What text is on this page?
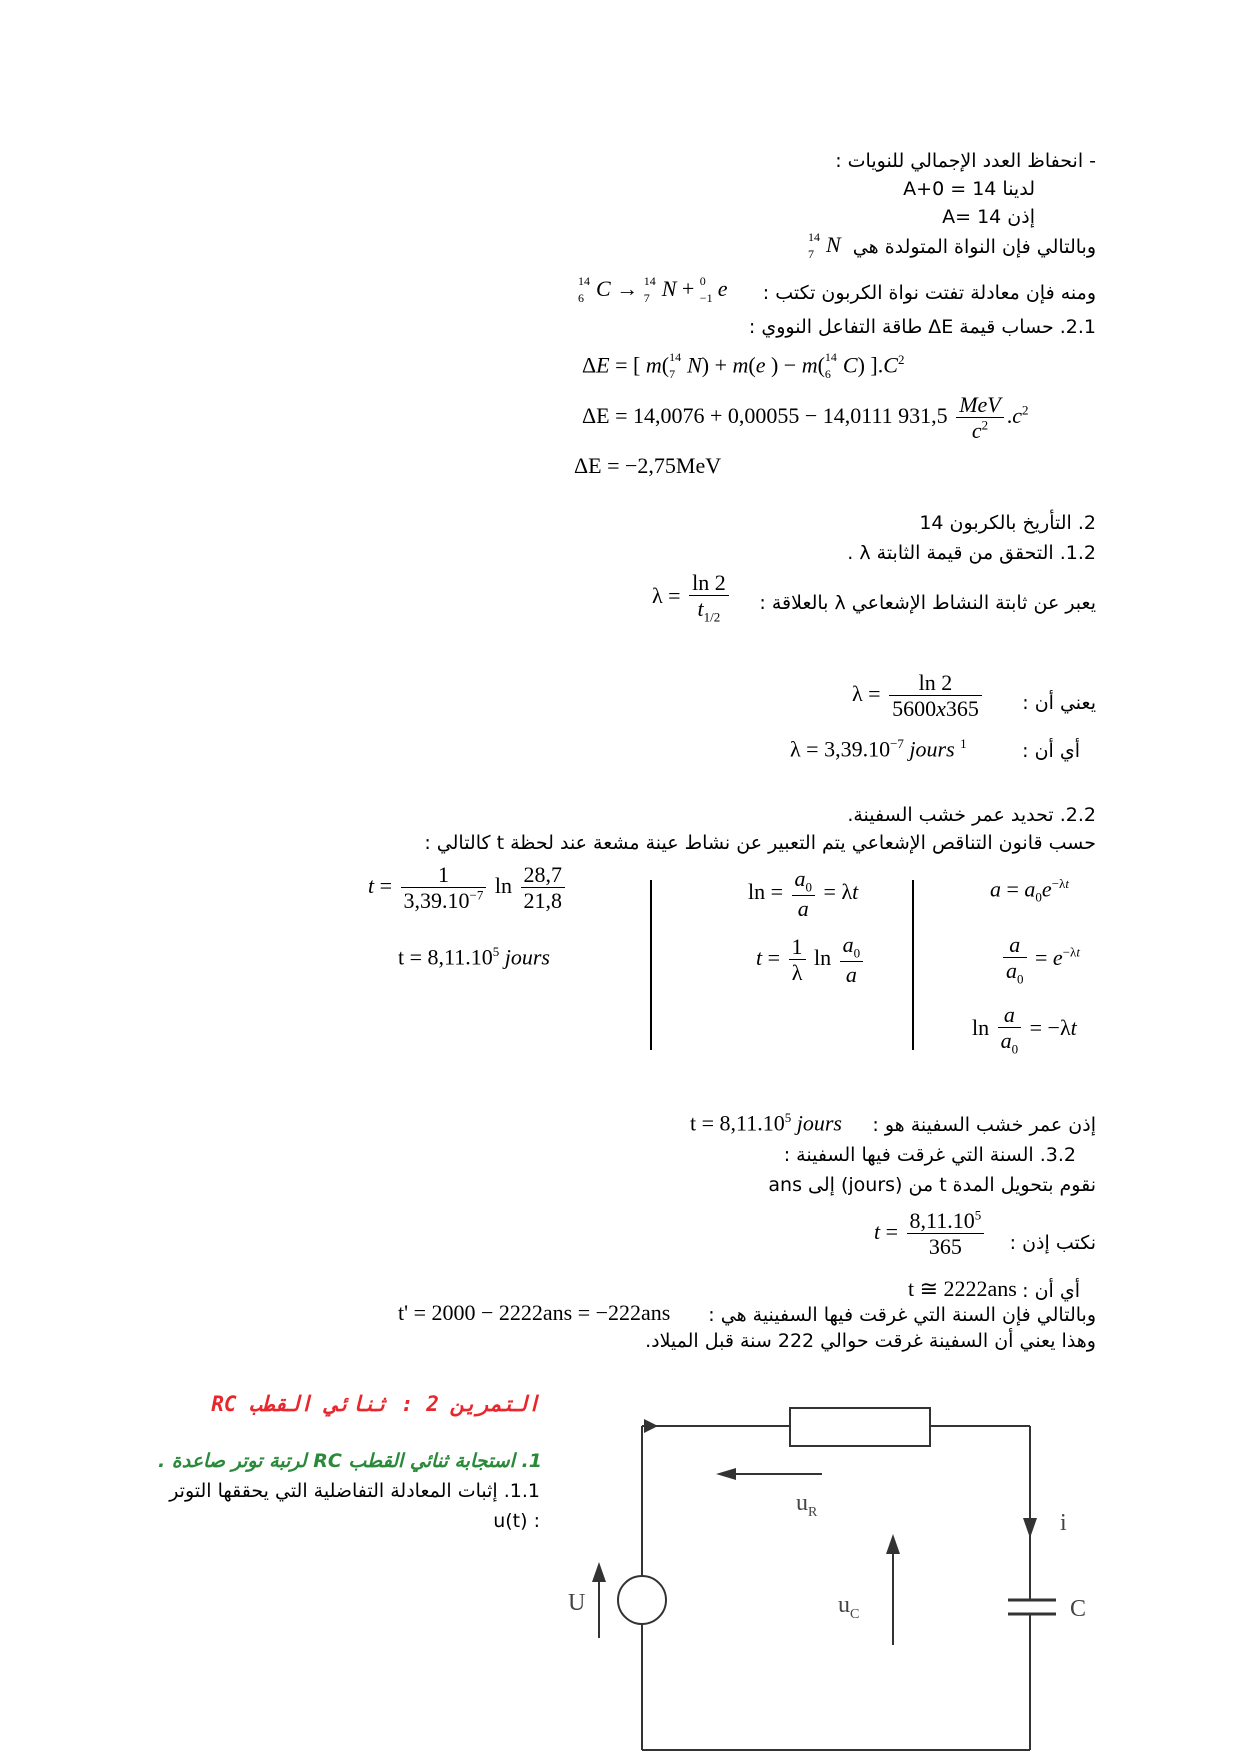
- انحفاظ العدد الإجمالي للنويات :
لدينا 14 = A+0
إذن A= 14
وبالتالي فإن النواة المتولدة هي
14
7 N
ومنه فإن معادلة تفتت نواة الكربون تكتب :
14
6 C → 14
7 N + 0
−1 e
2.1. حساب قيمة ΔE طاقة التفاعل النووي :
ΔE = [ m( 14
7 N) + m(e ) − m( 14
6 C) ]$.C^2$
ΔE = 14,0076 + 0,00055 − 14,0111 $931,5 \frac{\text{MeV}}{c^2} .c^2$
ΔE = −2,75MeV
2. التأريخ بالكربون 14
1.2. التحقق من قيمة الثابتة λ .
يعبر عن ثابتة النشاط الإشعاعي λ بالعلاقة :
$\lambda = \frac{\ln 2}{t_{1/2}}$
يعني أن :
$\lambda = \frac{\ln 2}{5600x365}$
أي أن :
$\lambda = 3,39.10^{-7}$ jours $^1$
2.2. تحديد عمر خشب السفينة.
حسب قانون التناقص الإشعاعي يتم التعبير عن نشاط عينة مشعة عند لحظة t كالتالي :
$t = \frac{1}{3,39.10^{-7}}$ $\ln \frac{28,7}{21,8}$
$t = 8,11.10^5$ jours
$\ln = \frac{a_0}{a} = \lambda t$
$t = \frac{1}{\lambda}$ $\ln \frac{a_0}{a}$
$a = a_0e^{-\lambda t}$
$\frac{a}{a_0} = e^{-\lambda t}$
$\ln \frac{a}{a_0} = -\lambda t$
إذن عمر خشب السفينة هو :
$t = 8,11.10^5$ jours
3.2. السنة التي غرقت فيها السفينة :
نقوم بتحويل المدة t من (jours) إلى ans
نكتب إذن :
$t = \frac{8,11.10^5}{365}$
أي أن :
t ≅ 2222ans
وبالتالي فإن السنة التي غرقت فيها السفينية هي :
t' = 2000 − 2222ans = −222ans
وهذا يعني أن السفينة غرقت حوالي 222 سنة قبل الميلاد.
التمرين 2 : ثنائي القطب RC
1. استجابة ثنائي القطب RC لرتبة توتر صاعدة .
1.1. إثبات المعادلة التفاضلية التي يحققها التوتر
: u(t)
$u_R$	i
U	$u_C$	C
